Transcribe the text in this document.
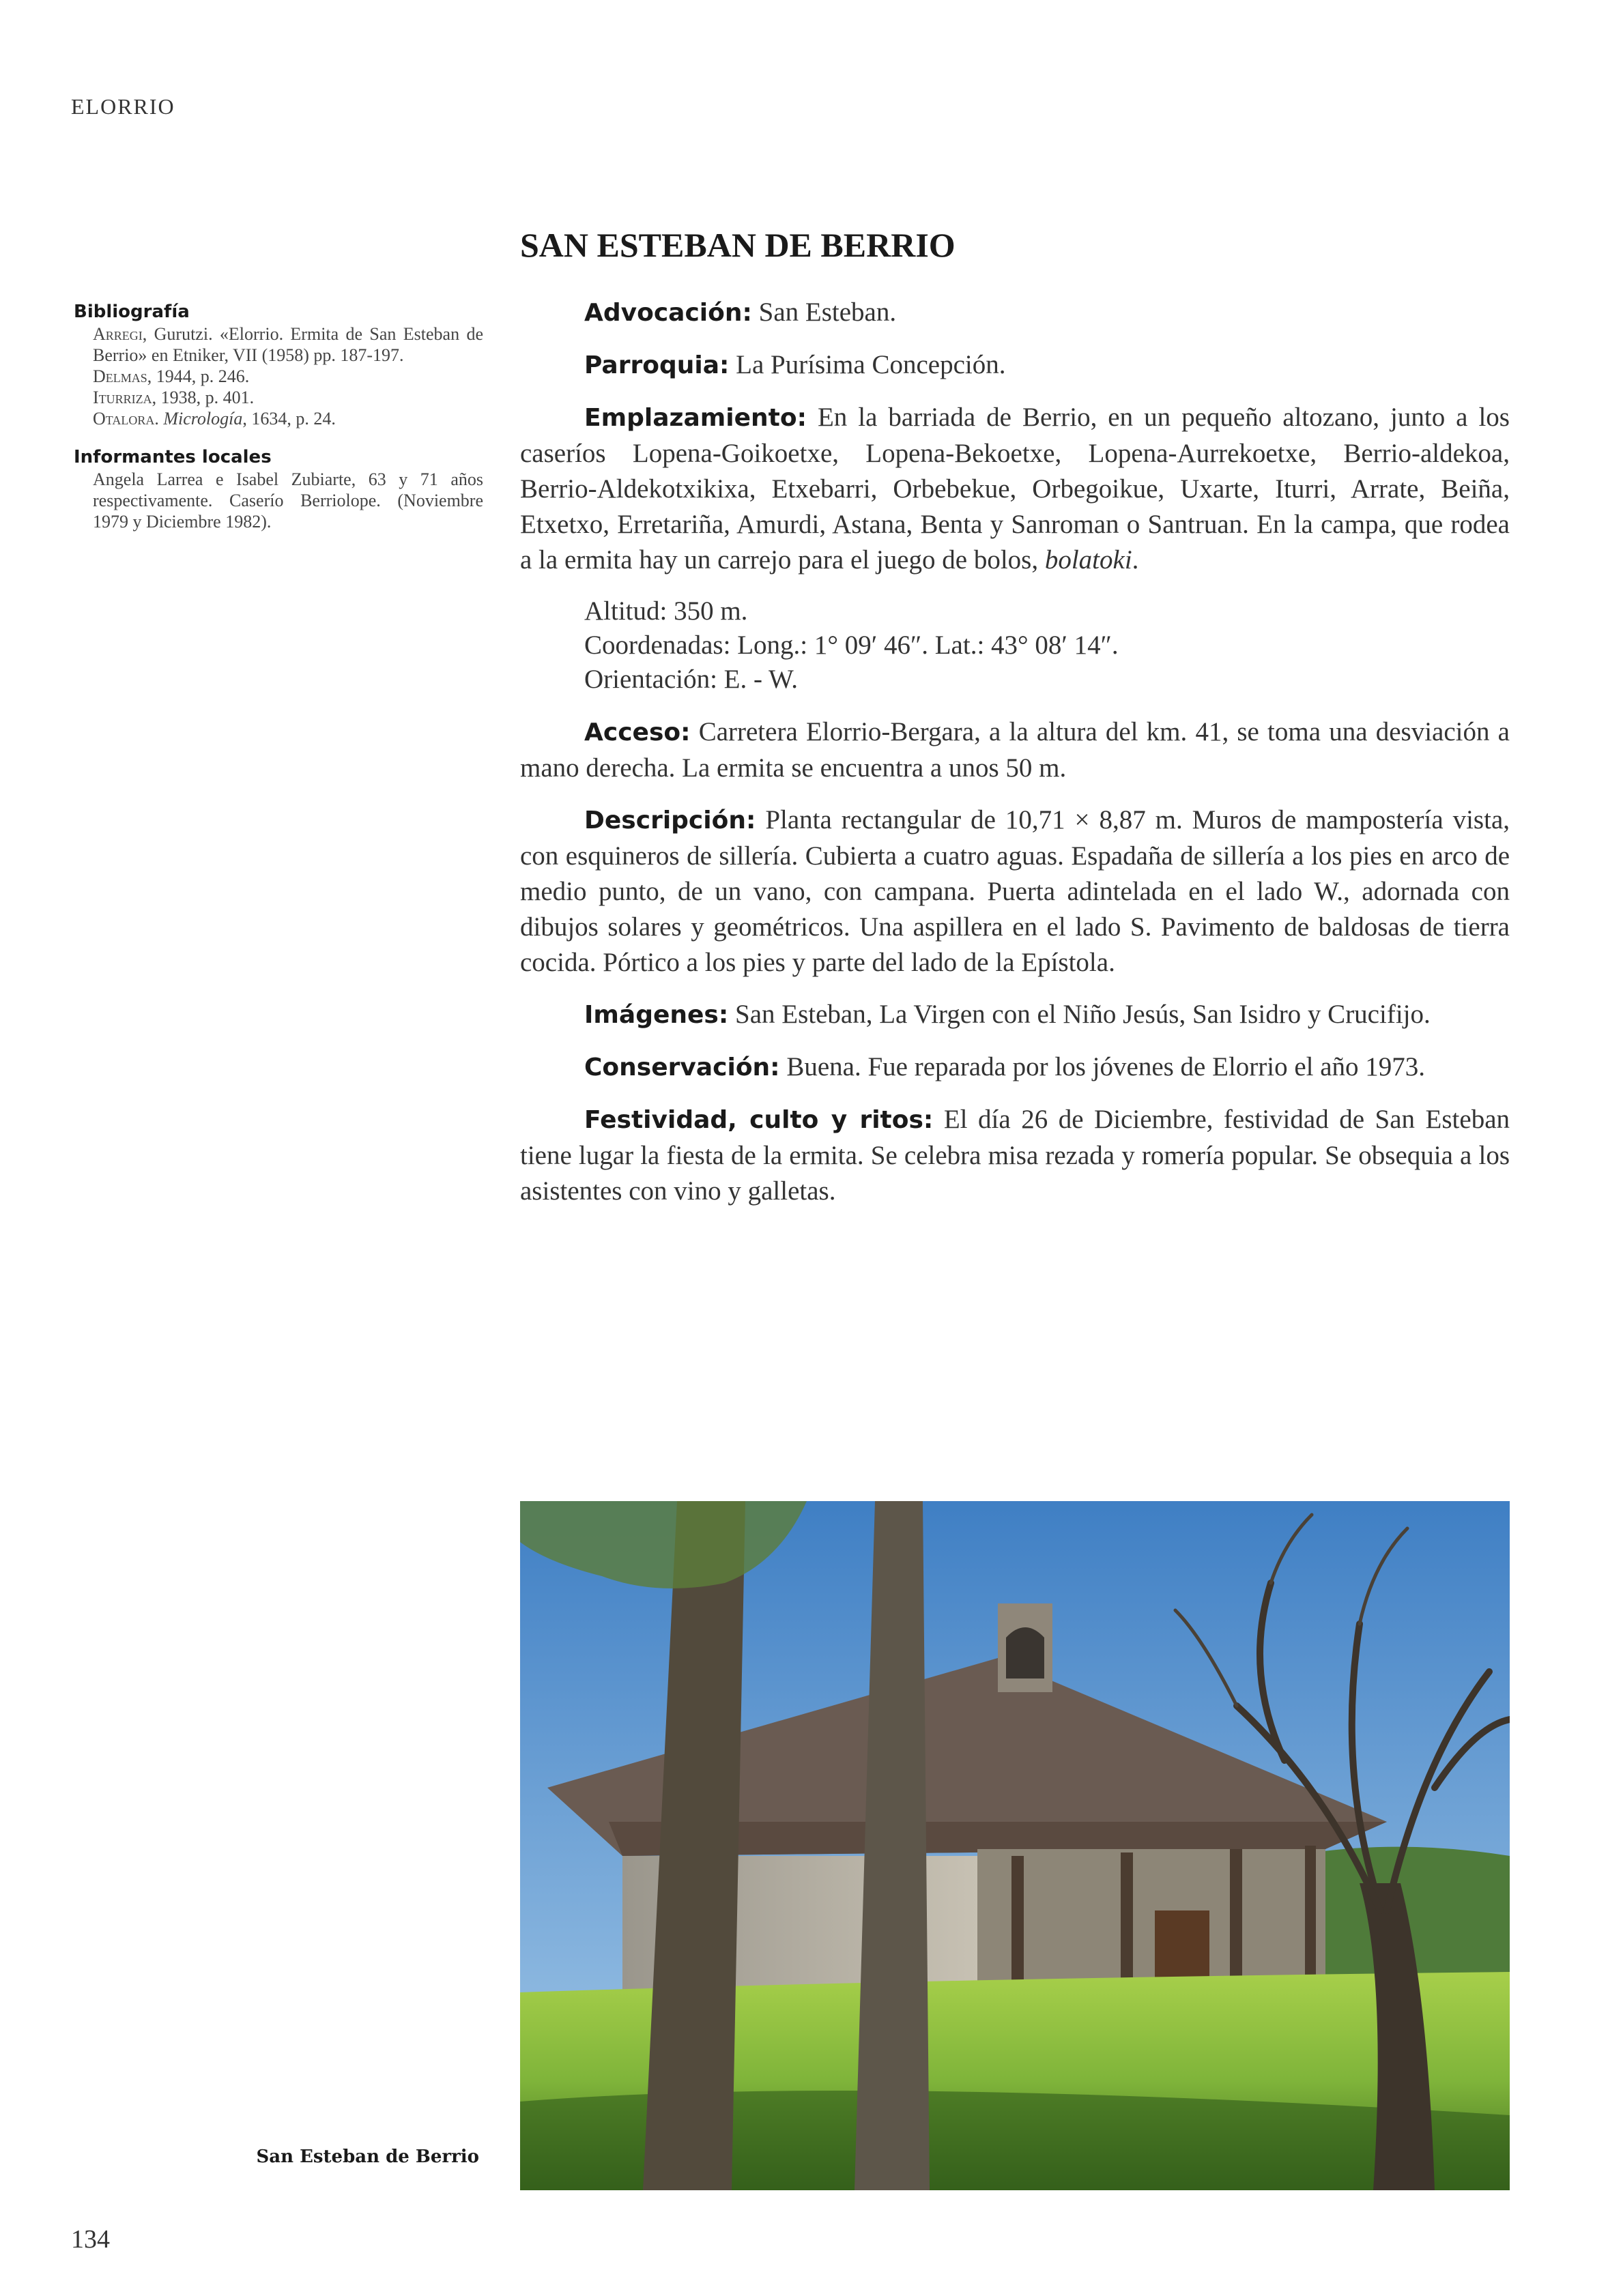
ELORRIO
SAN ESTEBAN DE BERRIO
Bibliografía
Arregi, Gurutzi. «Elorrio. Ermita de San Esteban de Berrio» en Etniker, VII (1958) pp. 187-197.
Delmas, 1944, p. 246.
Iturriza, 1938, p. 401.
Otalora. Micrología, 1634, p. 24.
Informantes locales
Angela Larrea e Isabel Zubiarte, 63 y 71 años respectivamente. Caserío Berriolope. (Noviembre 1979 y Diciembre 1982).

Advocación: San Esteban.

Parroquia: La Purísima Concepción.

Emplazamiento: En la barriada de Berrio, en un pequeño altozano, junto a los caseríos Lopena-Goikoetxe, Lopena-Bekoetxe, Lopena-Aurrekoetxe, Berrio-aldekoa, Berrio-Aldekotxikixa, Etxebarri, Orbebekue, Orbegoikue, Uxarte, Iturri, Arrate, Beiña, Etxetxo, Erretariña, Amurdi, Astana, Benta y Sanroman o Santruan. En la campa, que rodea a la ermita hay un carrejo para el juego de bolos, bolatoki.

Altitud: 350 m.
Coordenadas: Long.: 1° 09′ 46″. Lat.: 43° 08′ 14″.
Orientación: E. - W.

Acceso: Carretera Elorrio-Bergara, a la altura del km. 41, se toma una desviación a mano derecha. La ermita se encuentra a unos 50 m.

Descripción: Planta rectangular de 10,71 × 8,87 m. Muros de mampostería vista, con esquineros de sillería. Cubierta a cuatro aguas. Espadaña de sillería a los pies en arco de medio punto, de un vano, con campana. Puerta adintelada en el lado W., adornada con dibujos solares y geométricos. Una aspillera en el lado S. Pavimento de baldosas de tierra cocida. Pórtico a los pies y parte del lado de la Epístola.

Imágenes: San Esteban, La Virgen con el Niño Jesús, San Isidro y Crucifijo.

Conservación: Buena. Fue reparada por los jóvenes de Elorrio el año 1973.

Festividad, culto y ritos: El día 26 de Diciembre, festividad de San Esteban tiene lugar la fiesta de la ermita. Se celebra misa rezada y romería popular. Se obsequia a los asistentes con vino y galletas.

San Esteban de Berrio
134
